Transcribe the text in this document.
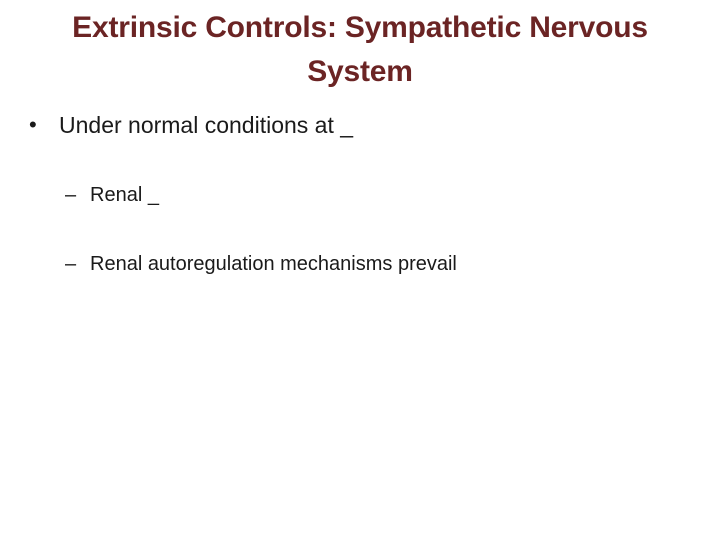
Extrinsic Controls: Sympathetic Nervous System
• Under normal conditions at _
– Renal _
– Renal autoregulation mechanisms prevail
